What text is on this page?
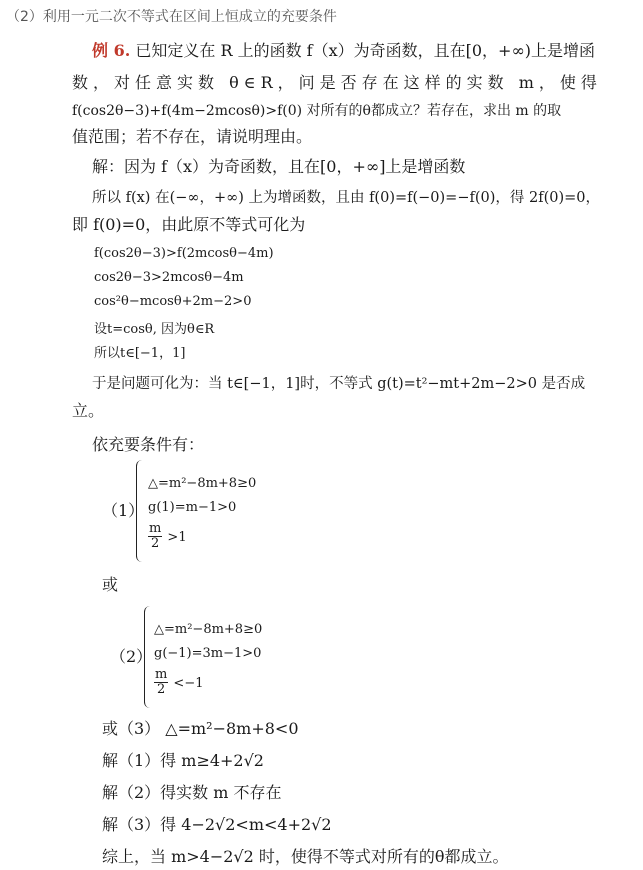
（2）利用一元二次不等式在区间上恒成立的充要条件
例 6. 已知定义在 R 上的函数 f（x）为奇函数，且在[0，+∞)上是增函
数，对任意实数 θ∈R，问是否存在这样的实数 m，使得
f(cos2θ−3)+f(4m−2mcosθ)>f(0) 对所有的θ都成立？若存在，求出 m 的取
值范围；若不存在，请说明理由。
解：因为 f（x）为奇函数，且在[0，+∞]上是增函数
所以 f(x) 在(−∞，+∞) 上为增函数，且由 f(0)=f(−0)=−f(0)，得 2f(0)=0，
即 f(0)=0，由此原不等式可化为
f(cos2θ−3)>f(2mcosθ−4m)
cos2θ−3>2mcosθ−4m
cos²θ−mcosθ+2m−2>0
设t=cosθ, 因为θ∈R
所以t∈[−1，1]
于是问题可化为：当 t∈[−1，1]时，不等式 g(t)=t²−mt+2m−2>0 是否成
立。
依充要条件有：
（1）
△=m²−8m+8≥0
g(1)=m−1>0
$\frac{m}{2} >1$
或
（2）
△=m²−8m+8≥0
g(−1)=3m−1>0
$\frac{m}{2} <-1$
或（3） △=m²−8m+8<0
解（1）得 m≥4+2√2
解（2）得实数 m 不存在
解（3）得 4−2√2<m<4+2√2
综上，当 m>4−2√2 时，使得不等式对所有的θ都成立。
